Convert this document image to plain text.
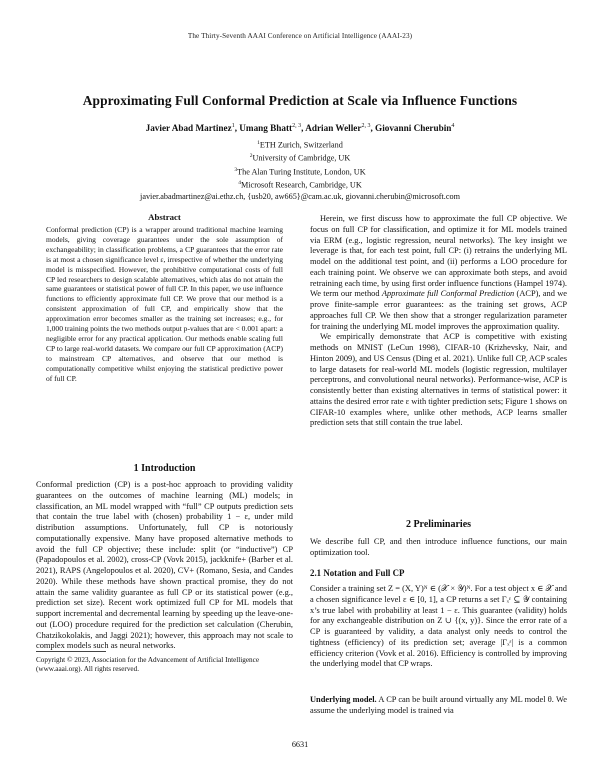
The Thirty-Seventh AAAI Conference on Artificial Intelligence (AAAI-23)
Approximating Full Conformal Prediction at Scale via Influence Functions
Javier Abad Martinez$^1$, Umang Bhatt$^{2, 3}$, Adrian Weller$^{2, 3}$, Giovanni Cherubin$^4$
$^1$ETH Zurich, Switzerland
$^2$University of Cambridge, UK
$^3$The Alan Turing Institute, London, UK
$^4$Microsoft Research, Cambridge, UK
javier.abadmartinez@ai.ethz.ch, {usb20, aw665}@cam.ac.uk, giovanni.cherubin@microsoft.com
Abstract

Conformal prediction (CP) is a wrapper around traditional machine learning models, giving coverage guarantees under the sole assumption of exchangeability; in classification problems, a CP guarantees that the error rate is at most a chosen significance level ε, irrespective of whether the underlying model is misspecified. However, the prohibitive computational costs of full CP led researchers to design scalable alternatives, which alas do not attain the same guarantees or statistical power of full CP. In this paper, we use influence functions to efficiently approximate full CP. We prove that our method is a consistent approximation of full CP, and empirically show that the approximation error becomes smaller as the training set increases; e.g., for 1,000 training points the two methods output p-values that are < 0.001 apart: a negligible error for any practical application. Our methods enable scaling full CP to large real-world datasets. We compare our full CP approximation (ACP) to mainstream CP alternatives, and observe that our method is computationally competitive whilst enjoying the statistical predictive power of full CP.

1 Introduction

Conformal prediction (CP) is a post-hoc approach to providing validity guarantees on the outcomes of machine learning (ML) models; in classification, an ML model wrapped with “full” CP outputs prediction sets that contain the true label with (chosen) probability 1 − ε, under mild distribution assumptions. Unfortunately, full CP is notoriously computationally expensive. Many have proposed alternative methods to avoid the full CP objective; these include: split (or “inductive”) CP (Papadopoulos et al. 2002), cross-CP (Vovk 2015), jackknife+ (Barber et al. 2021), RAPS (Angelopoulos et al. 2020), CV+ (Romano, Sesia, and Candes 2020). While these methods have shown practical promise, they do not attain the same validity guarantee as full CP or its statistical power (e.g., prediction set size). Recent work optimized full CP for ML models that support incremental and decremental learning by speeding up the leave-one-out (LOO) procedure required for the prediction set calculation (Cherubin, Chatzikokolakis, and Jaggi 2021); however, this approach may not scale to complex models such as neural networks.

Copyright © 2023, Association for the Advancement of Artificial Intelligence (www.aaai.org). All rights reserved.

Herein, we first discuss how to approximate the full CP objective. We focus on full CP for classification, and optimize it for ML models trained via ERM (e.g., logistic regression, neural networks). The key insight we leverage is that, for each test point, full CP: (i) retrains the underlying ML model on the additional test point, and (ii) performs a LOO procedure for each training point. We observe we can approximate both steps, and avoid retraining each time, by using first order influence functions (Hampel 1974). We term our method Approximate full Conformal Prediction (ACP), and we prove finite-sample error guarantees: as the training set grows, ACP approaches full CP. We then show that a stronger regularization parameter for training the underlying ML model improves the approximation quality.

We empirically demonstrate that ACP is competitive with existing methods on MNIST (LeCun 1998), CIFAR-10 (Krizhevsky, Nair, and Hinton 2009), and US Census (Ding et al. 2021). Unlike full CP, ACP scales to large datasets for real-world ML models (logistic regression, multilayer perceptrons, and convolutional neural networks). Performance-wise, ACP is consistently better than existing alternatives in terms of statistical power: it attains the desired error rate ε with tighter prediction sets; Figure 1 shows on CIFAR-10 examples where, unlike other methods, ACP learns smaller prediction sets that still contain the true label.

2 Preliminaries

We describe full CP, and then introduce influence functions, our main optimization tool.

2.1 Notation and Full CP

Consider a training set Z = (X, Y)ᴺ ∈ (𝒳 × 𝒴)ᴺ. For a test object x ∈ 𝒳 and a chosen significance level ε ∈ [0, 1], a CP returns a set Γₓᵋ ⊆ 𝒴 containing x’s true label with probability at least 1 − ε. This guarantee (validity) holds for any exchangeable distribution on Z ∪ {(x, y)}. Since the error rate of a CP is guaranteed by validity, a data analyst only needs to control the tightness (efficiency) of its prediction set; average |Γₓᵋ| is a common efficiency criterion (Vovk et al. 2016). Efficiency is controlled by improving the underlying model that CP wraps.

Underlying model. A CP can be built around virtually any ML model θ. We assume the underlying model is trained via

6631
